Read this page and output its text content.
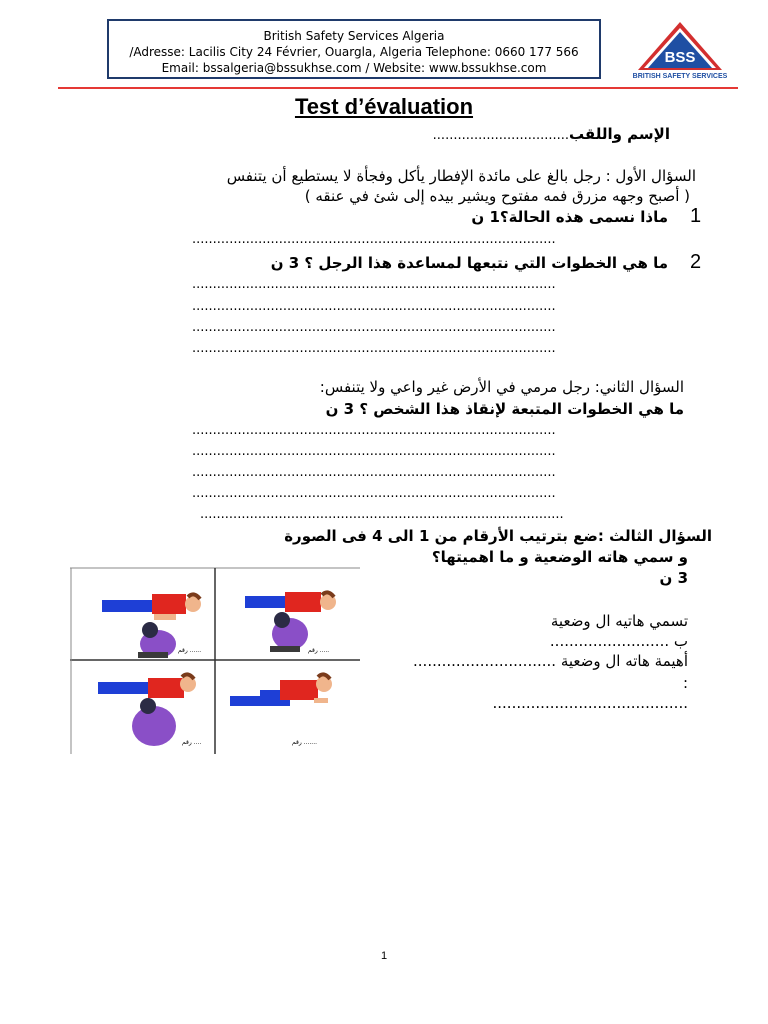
British Safety Services Algeria
/Adresse: Lacilis City 24 Février, Ouargla, Algeria Telephone: 0660 177 566
Email: bssalgeria@bssukhse.com / Website: www.bssukhse.com
BSS
BRITISH SAFETY SERVICES
Test d’évaluation
الإسم واللقب.................................
السؤال الأول : رجل بالغ على مائدة الإفطار يأكل وفجأة لا يستطيع أن يتنفس
( أصبح وجهه مزرق فمه مفتوح ويشير بيده إلى شئ في عنقه )
1
ماذا نسمى هذه الحالة؟1 ن
........................................................................................
2
ما هي الخطوات التي نتبعها لمساعدة هذا الرجل ؟ 3 ن
........................................................................................
........................................................................................
........................................................................................
........................................................................................
السؤال الثاني: رجل مرمي في الأرض غير واعي ولا يتنفس:
ما هي الخطوات المتبعة لإنقاذ هذا الشخص ؟ 3 ن
........................................................................................
........................................................................................
........................................................................................
........................................................................................
........................................................................................
السؤال الثالث :ضع بترتيب الأرقام من 1 الى 4 فى الصورة
و سمي هاته الوضعية و ما اهميتها؟
3 ن
تسمي هاتيه ال وضعية
ب .........................
أهيمة هاته ال وضعية ..............................
:
.........................................
رقم ......	رقم .....
رقم ....	رقم .......
1
